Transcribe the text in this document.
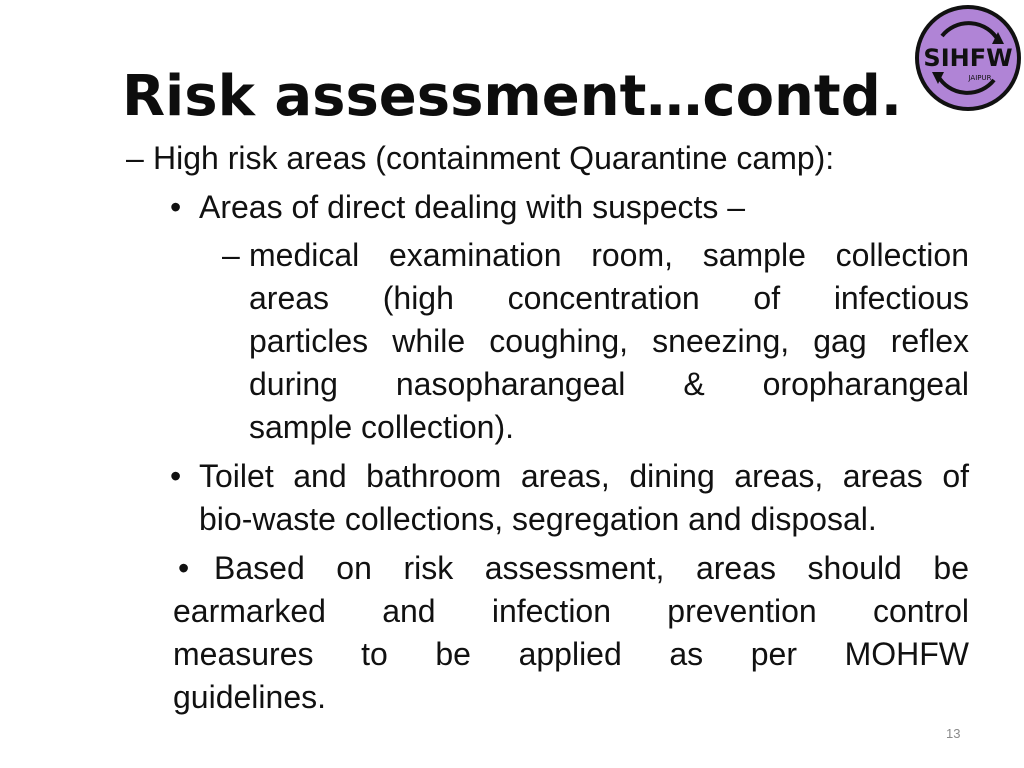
Risk assessment…contd.
SIHFW
JAIPUR
– High risk areas (containment Quarantine camp):
• Areas of direct dealing with suspects –
– medical examination room, sample collection
areas (high concentration of infectious
particles while coughing, sneezing, gag reflex
during nasopharangeal & oropharangeal
sample collection).
• Toilet and bathroom areas, dining areas, areas of
bio-waste collections, segregation and disposal.
• Based on risk assessment, areas should be
earmarked and infection prevention control
measures to be applied as per MOHFW
guidelines.
13
